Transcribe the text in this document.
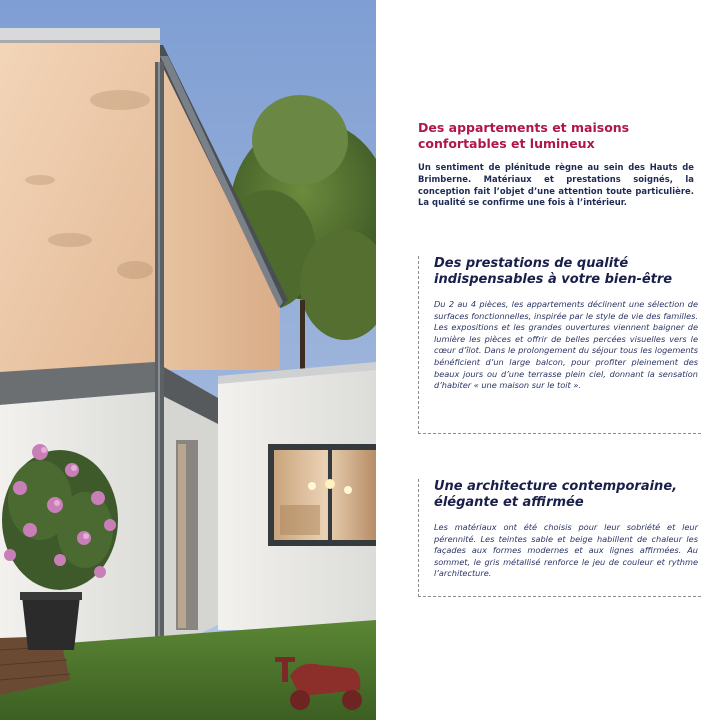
Des appartements et maisons
confortables et lumineux

Un sentiment de plénitude règne au sein des Hauts de Brimberne. Matériaux et prestations soignés, la conception fait l’objet d’une attention toute particulière. La qualité se confirme une fois à l’intérieur.

Des prestations de qualité
indispensables à votre bien-être

Du 2 au 4 pièces, les appartements déclinent une sélection de surfaces fonctionnelles, inspirée par le style de vie des familles. Les expositions et les grandes ouvertures viennent baigner de lumière les pièces et offrir de belles percées visuelles vers le cœur d’îlot. Dans le prolongement du séjour tous les logements bénéficient d’un large balcon, pour profiter pleinement des beaux jours ou d’une terrasse plein ciel, donnant la sensation d’habiter « une maison sur le toit ».

Une architecture contemporaine,
élégante et affirmée

Les matériaux ont été choisis pour leur sobriété et leur pérennité. Les teintes sable et beige habillent de chaleur les façades aux formes modernes et aux lignes affirmées. Au sommet, le gris métallisé renforce le jeu de couleur et rythme l’architecture.
